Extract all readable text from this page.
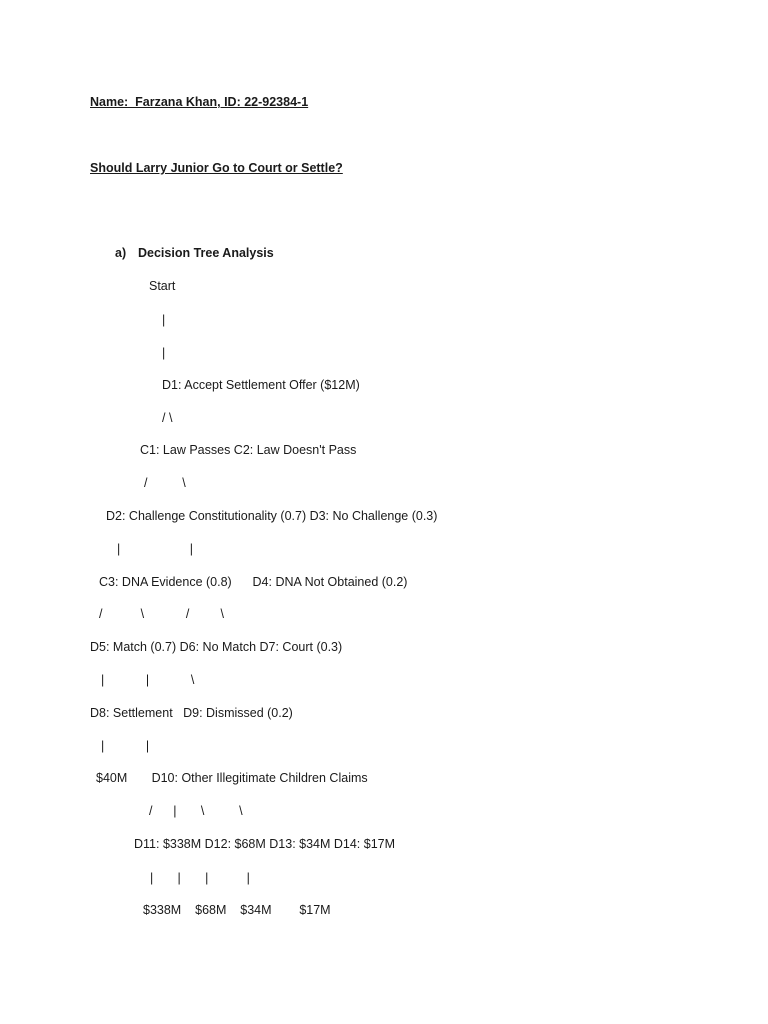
Name:  Farzana Khan, ID: 22-92384-1
Should Larry Junior Go to Court or Settle?
a) Decision Tree Analysis
Start
|
|
D1: Accept Settlement Offer ($12M)
/ \
C1: Law Passes C2: Law Doesn't Pass
/          \
D2: Challenge Constitutionality (0.7) D3: No Challenge (0.3)
|                    |
C3: DNA Evidence (0.8)      D4: DNA Not Obtained (0.2)
/           \            /         \
D5: Match (0.7) D6: No Match D7: Court (0.3)
|            |            \
D8: Settlement   D9: Dismissed (0.2)
|            |
$40M       D10: Other Illegitimate Children Claims
/      |       \          \
D11: $338M D12: $68M D13: $34M D14: $17M
|       |       |           |
$338M    $68M    $34M        $17M
